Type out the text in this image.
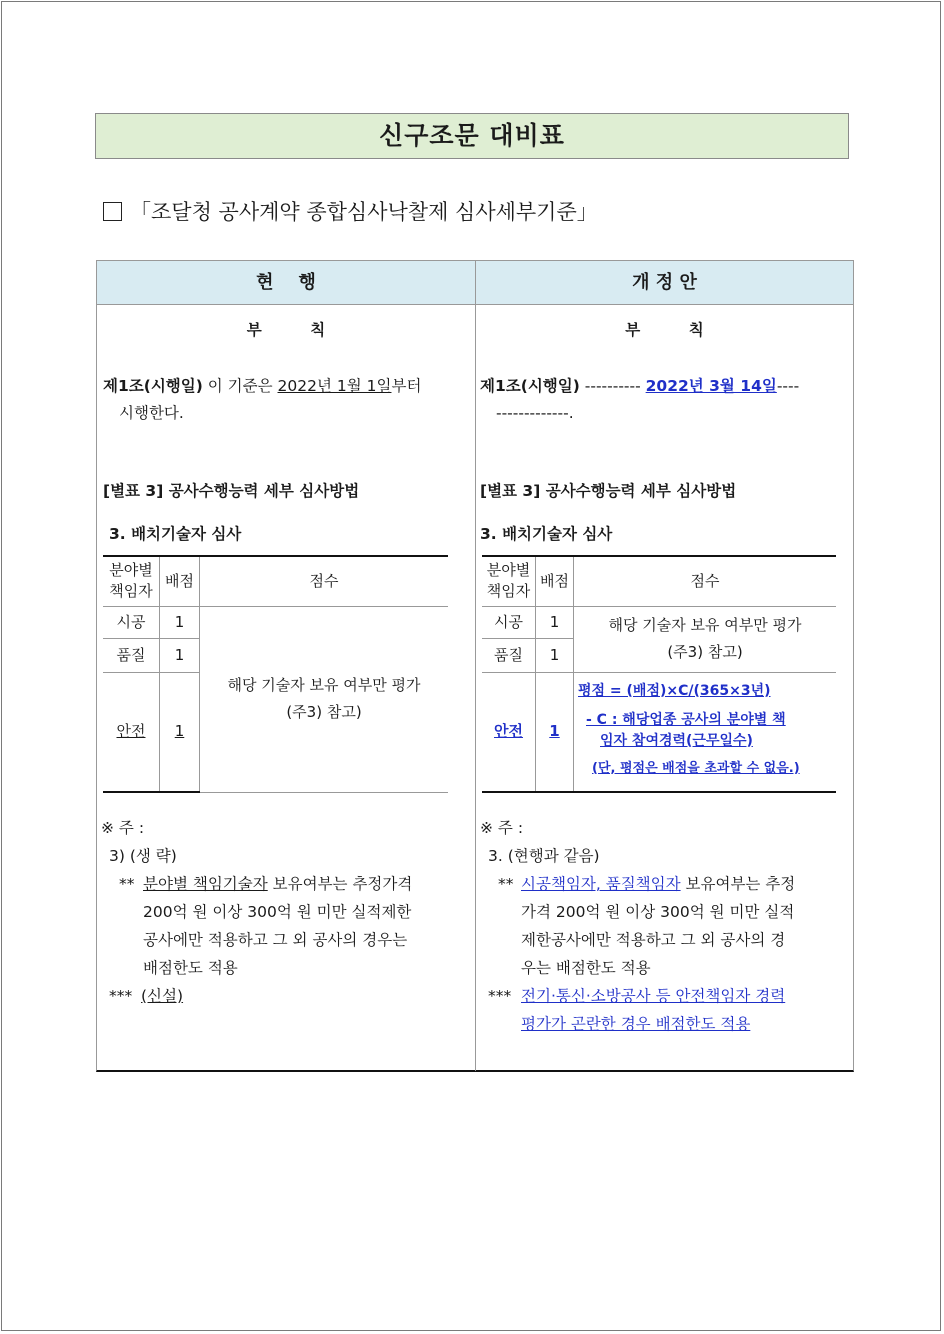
신구조문 대비표
「조달청 공사계약 종합심사낙찰제 심사세부기준」
현    행	개 정 안
부         칙
제1조(시행일) 이 기준은 2022년 1월 1일부터
시행한다.
[별표 3] 공사수행능력 세부 심사방법
3. 배치기술자 심사
분야별
책임자	배점	점수
시공	1	해당 기술자 보유 여부만 평가
(주3) 참고)

품질	1	
안전	1	
※ 주 :
3) (생 략)
** 분야별 책임기술자 보유여부는 추정가격
200억 원 이상 300억 원 미만 실적제한
공사에만 적용하고 그 외 공사의 경우는
배점한도 적용
*** (신설)
부         칙
제1조(시행일) ---------- 2022년 3월 14일----
-------------.
[별표 3] 공사수행능력 세부 심사방법
3. 배치기술자 심사
분야별
책임자	배점	점수
시공	1	해당 기술자 보유 여부만 평가
(주3) 참고)

품질	1	
안전	1	평점 = (배점)×C/(365×3년)
- C : 해당업종 공사의 분야별 책
임자 참여경력(근무일수)
(단, 평점은 배점을 초과할 수 없음.)
※ 주 :
3. (현행과 같음)
** 시공책임자, 품질책임자 보유여부는 추정
가격 200억 원 이상 300억 원 미만 실적
제한공사에만 적용하고 그 외 공사의 경
우는 배점한도 적용
*** 전기·통신·소방공사 등 안전책임자 경력
평가가 곤란한 경우 배점한도 적용
